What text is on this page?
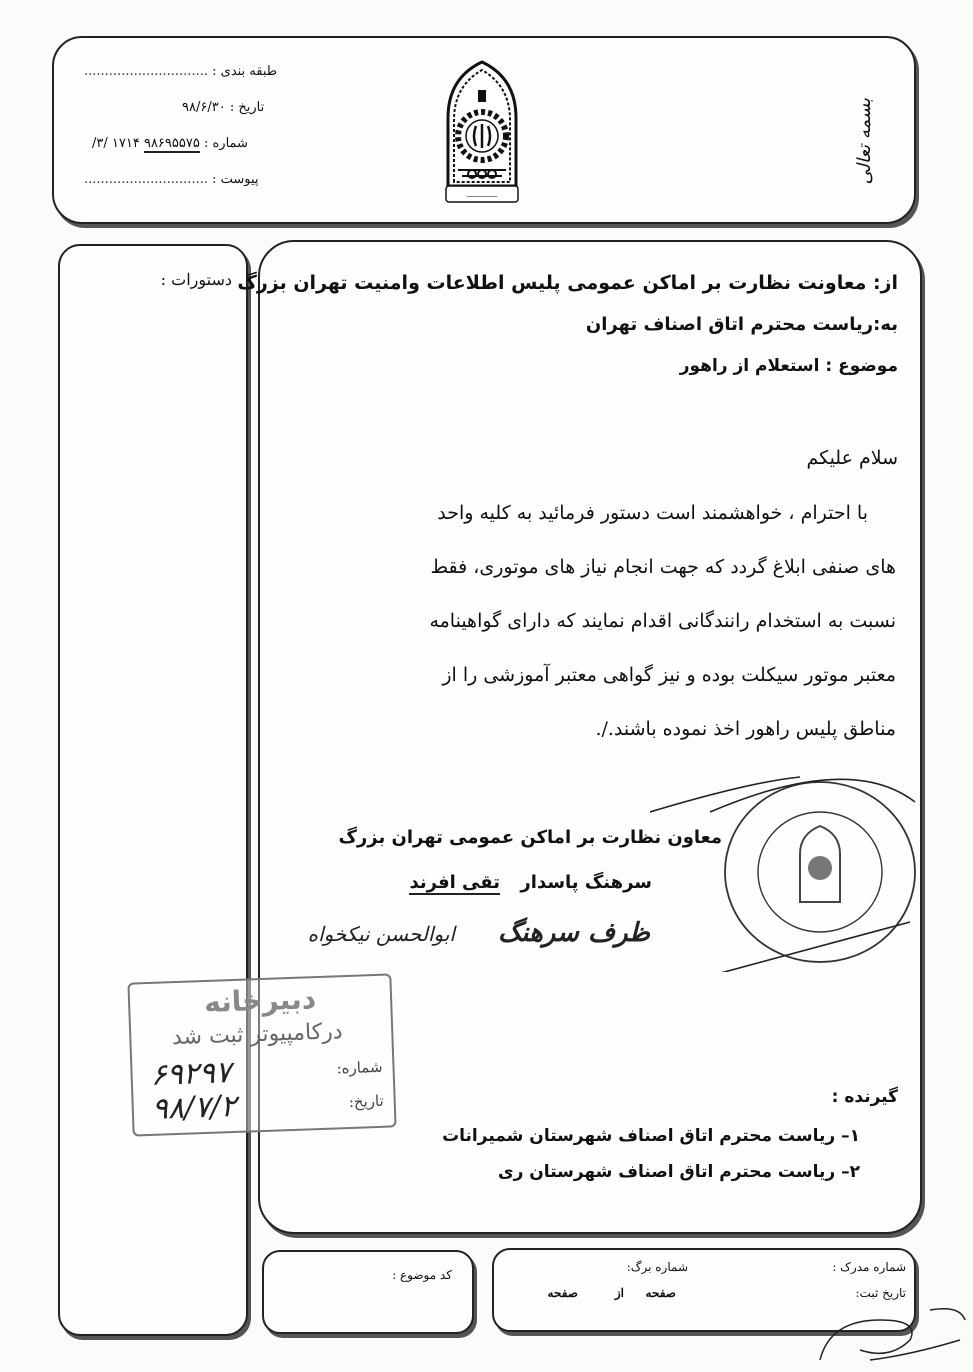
طبقه بندی : ..............................
تاریخ : ۹۸/۶/۳۰
شماره : ۹۸۶۹۵۵۷۵ ۱۷۱۴ /۳/
پیوست : ..............................
ـــــــــــــــــ
بسمه تعالی
دستورات : از: معاونت نظارت بر اماکن عمومی پلیس اطلاعات وامنیت تهران بزرگ
به:ریاست محترم اتاق اصناف تهران
موضوع : استعلام از راهور
سلام علیکم
با احترام ، خواهشمند است دستور فرمائید به کلیه واحد
های صنفی ابلاغ گردد که جهت انجام نیاز های موتوری، فقط
نسبت به استخدام رانندگانی اقدام نمایند که دارای گواهینامه
معتبر موتور سیکلت بوده و نیز گواهی معتبر آموزشی را از
مناطق پلیس راهور اخذ نموده باشند./.
معاون نظارت بر اماکن عمومی تهران بزرگ
سرهنگ پاسدار
تقی افرند
ابوالحسن نیکخواه ظرف سرهنگ
دبیرخانه
درکامپیوتر ثبت شد
شماره:
۶۹۲۹۷
تاریخ:
۹۸/۷/۲	گیرنده :
۱– ریاست محترم اتاق اصناف شهرستان شمیرانات
۲– ریاست محترم اتاق اصناف شهرستان ری
کد موضوع :
شماره مدرک :
تاریخ ثبت:
شماره برگ:
صفحه
از
صفحه
